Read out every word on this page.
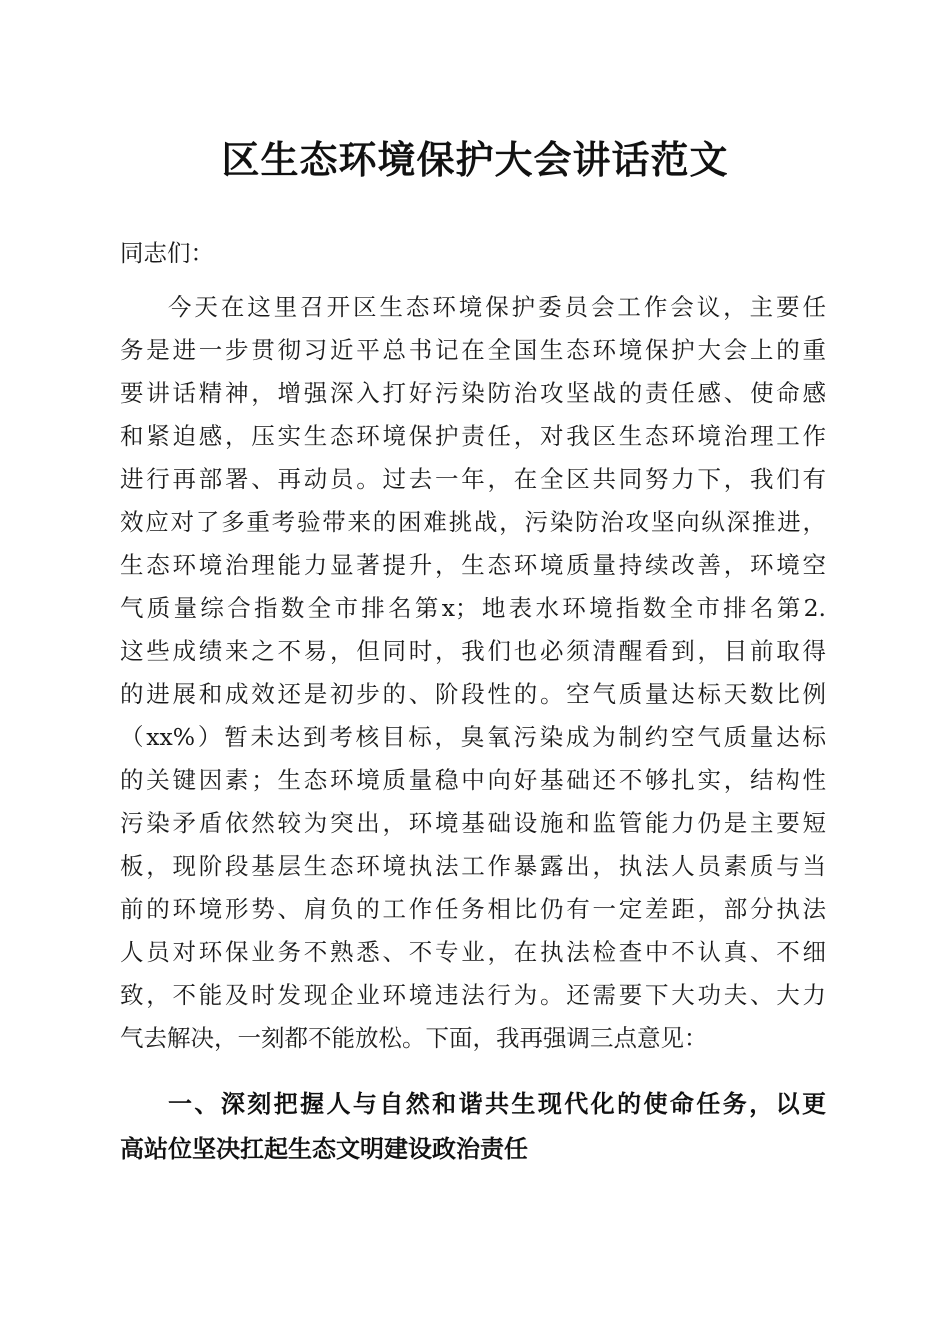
区生态环境保护大会讲话范文
同志们：
今天在这里召开区生态环境保护委员会工作会议，主要任
务是进一步贯彻习近平总书记在全国生态环境保护大会上的重
要讲话精神，增强深入打好污染防治攻坚战的责任感、使命感
和紧迫感，压实生态环境保护责任，对我区生态环境治理工作
进行再部署、再动员。过去一年，在全区共同努力下，我们有
效应对了多重考验带来的困难挑战，污染防治攻坚向纵深推进，
生态环境治理能力显著提升，生态环境质量持续改善，环境空
气质量综合指数全市排名第x；地表水环境指数全市排名第2.
这些成绩来之不易，但同时，我们也必须清醒看到，目前取得
的进展和成效还是初步的、阶段性的。空气质量达标天数比例
（xx%）暂未达到考核目标，臭氧污染成为制约空气质量达标
的关键因素；生态环境质量稳中向好基础还不够扎实，结构性
污染矛盾依然较为突出，环境基础设施和监管能力仍是主要短
板，现阶段基层生态环境执法工作暴露出，执法人员素质与当
前的环境形势、肩负的工作任务相比仍有一定差距，部分执法
人员对环保业务不熟悉、不专业，在执法检查中不认真、不细
致，不能及时发现企业环境违法行为。还需要下大功夫、大力
气去解决，一刻都不能放松。下面，我再强调三点意见：
一、深刻把握人与自然和谐共生现代化的使命任务，以更
高站位坚决扛起生态文明建设政治责任
